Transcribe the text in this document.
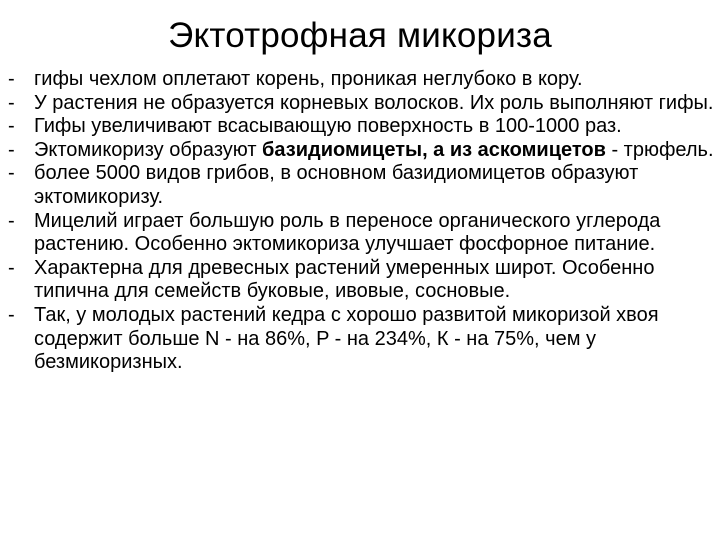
Эктотрофная микориза
- гифы чехлом оплетают корень, проникая неглубоко в кору.
- У растения не образуется корневых волосков. Их роль выполняют гифы.
- Гифы увеличивают всасывающую поверхность в 100-1000 раз.
- Эктомикоризу образуют базидиомицеты, а из аскомицетов - трюфель.
- более 5000 видов грибов, в основном базидиомицетов образуют эктомикоризу.
- Мицелий играет большую роль в переносе органического углерода растению. Особенно эктомикориза улучшает фосфорное питание.
- Характерна для древесных растений умеренных широт. Особенно типична для семейств буковые, ивовые, сосновые.
- Так, у молодых растений кедра с хорошо развитой микоризой хвоя содержит больше N - на 86%, P - на 234%, К - на 75%, чем у безмикоризных.
